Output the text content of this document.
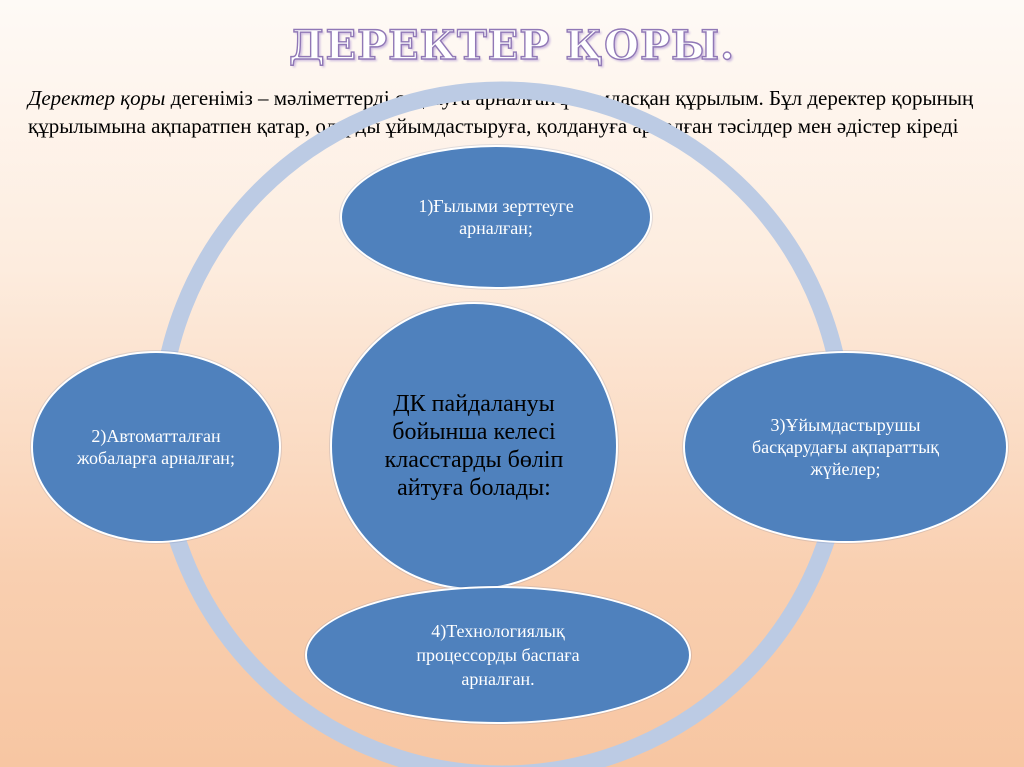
ДЕРЕКТЕР ҚОРЫ.
Деректер қоры дегеніміз – мәліметтерді сақтауға арналған ұйымдасқан құрылым. Бұл деректер қорының құрылымына ақпаратпен қатар, оларды ұйымдастыруға, қолдануға арналған тәсілдер мен әдістер кіреді
ДК пайдалануы бойынша келесі класстарды бөліп айтуға болады:
1)Ғылыми зерттеуге арналған;
2)Автоматталған жобаларға арналған;
3)Ұйымдастырушы басқарудағы ақпараттық жүйелер;
4)Технологиялық процессорды баспаға арналған.
